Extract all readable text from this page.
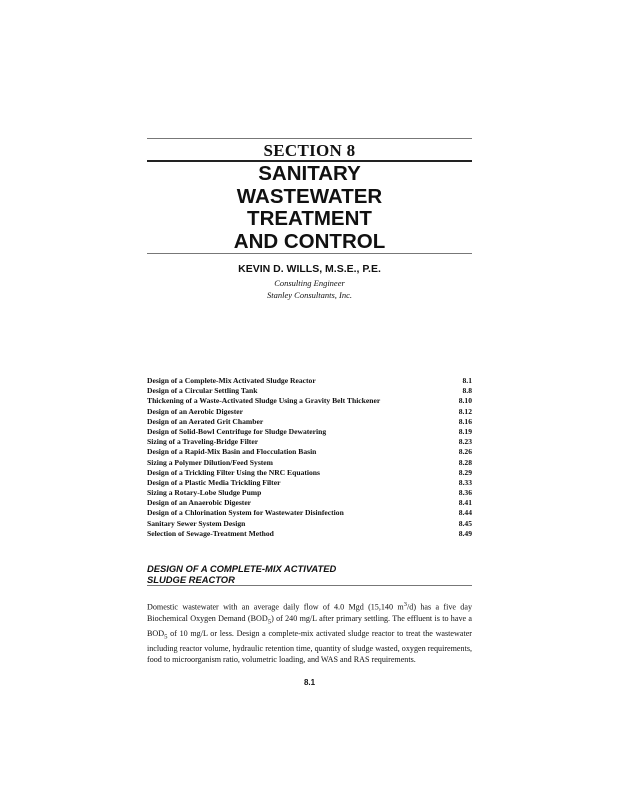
SECTION 8
SANITARY
WASTEWATER
TREATMENT
AND CONTROL
KEVIN D. WILLS, M.S.E., P.E.
Consulting Engineer
Stanley Consultants, Inc.
Design of a Complete-Mix Activated Sludge Reactor	8.1
Design of a Circular Settling Tank	8.8
Thickening of a Waste-Activated Sludge Using a Gravity Belt Thickener	8.10
Design of an Aerobic Digester	8.12
Design of an Aerated Grit Chamber	8.16
Design of Solid-Bowl Centrifuge for Sludge Dewatering	8.19
Sizing of a Traveling-Bridge Filter	8.23
Design of a Rapid-Mix Basin and Flocculation Basin	8.26
Sizing a Polymer Dilution/Feed System	8.28
Design of a Trickling Filter Using the NRC Equations	8.29
Design of a Plastic Media Trickling Filter	8.33
Sizing a Rotary-Lobe Sludge Pump	8.36
Design of an Anaerobic Digester	8.41
Design of a Chlorination System for Wastewater Disinfection	8.44
Sanitary Sewer System Design	8.45
Selection of Sewage-Treatment Method	8.49
DESIGN OF A COMPLETE-MIX ACTIVATED
SLUDGE REACTOR

Domestic wastewater with an average daily flow of 4.0 Mgd (15,140 $m^3/d$) has a five day Biochemical Oxygen Demand $(BOD_5)$ of 240 mg/L after primary settling. The effluent is to have a $BOD_5$ of 10 mg/L or less. Design a complete-mix activated sludge reactor to treat the wastewater including reactor volume, hydraulic retention time, quantity of sludge wasted, oxygen requirements, food to microorganism ratio, volumetric loading, and WAS and RAS requirements.

8.1
